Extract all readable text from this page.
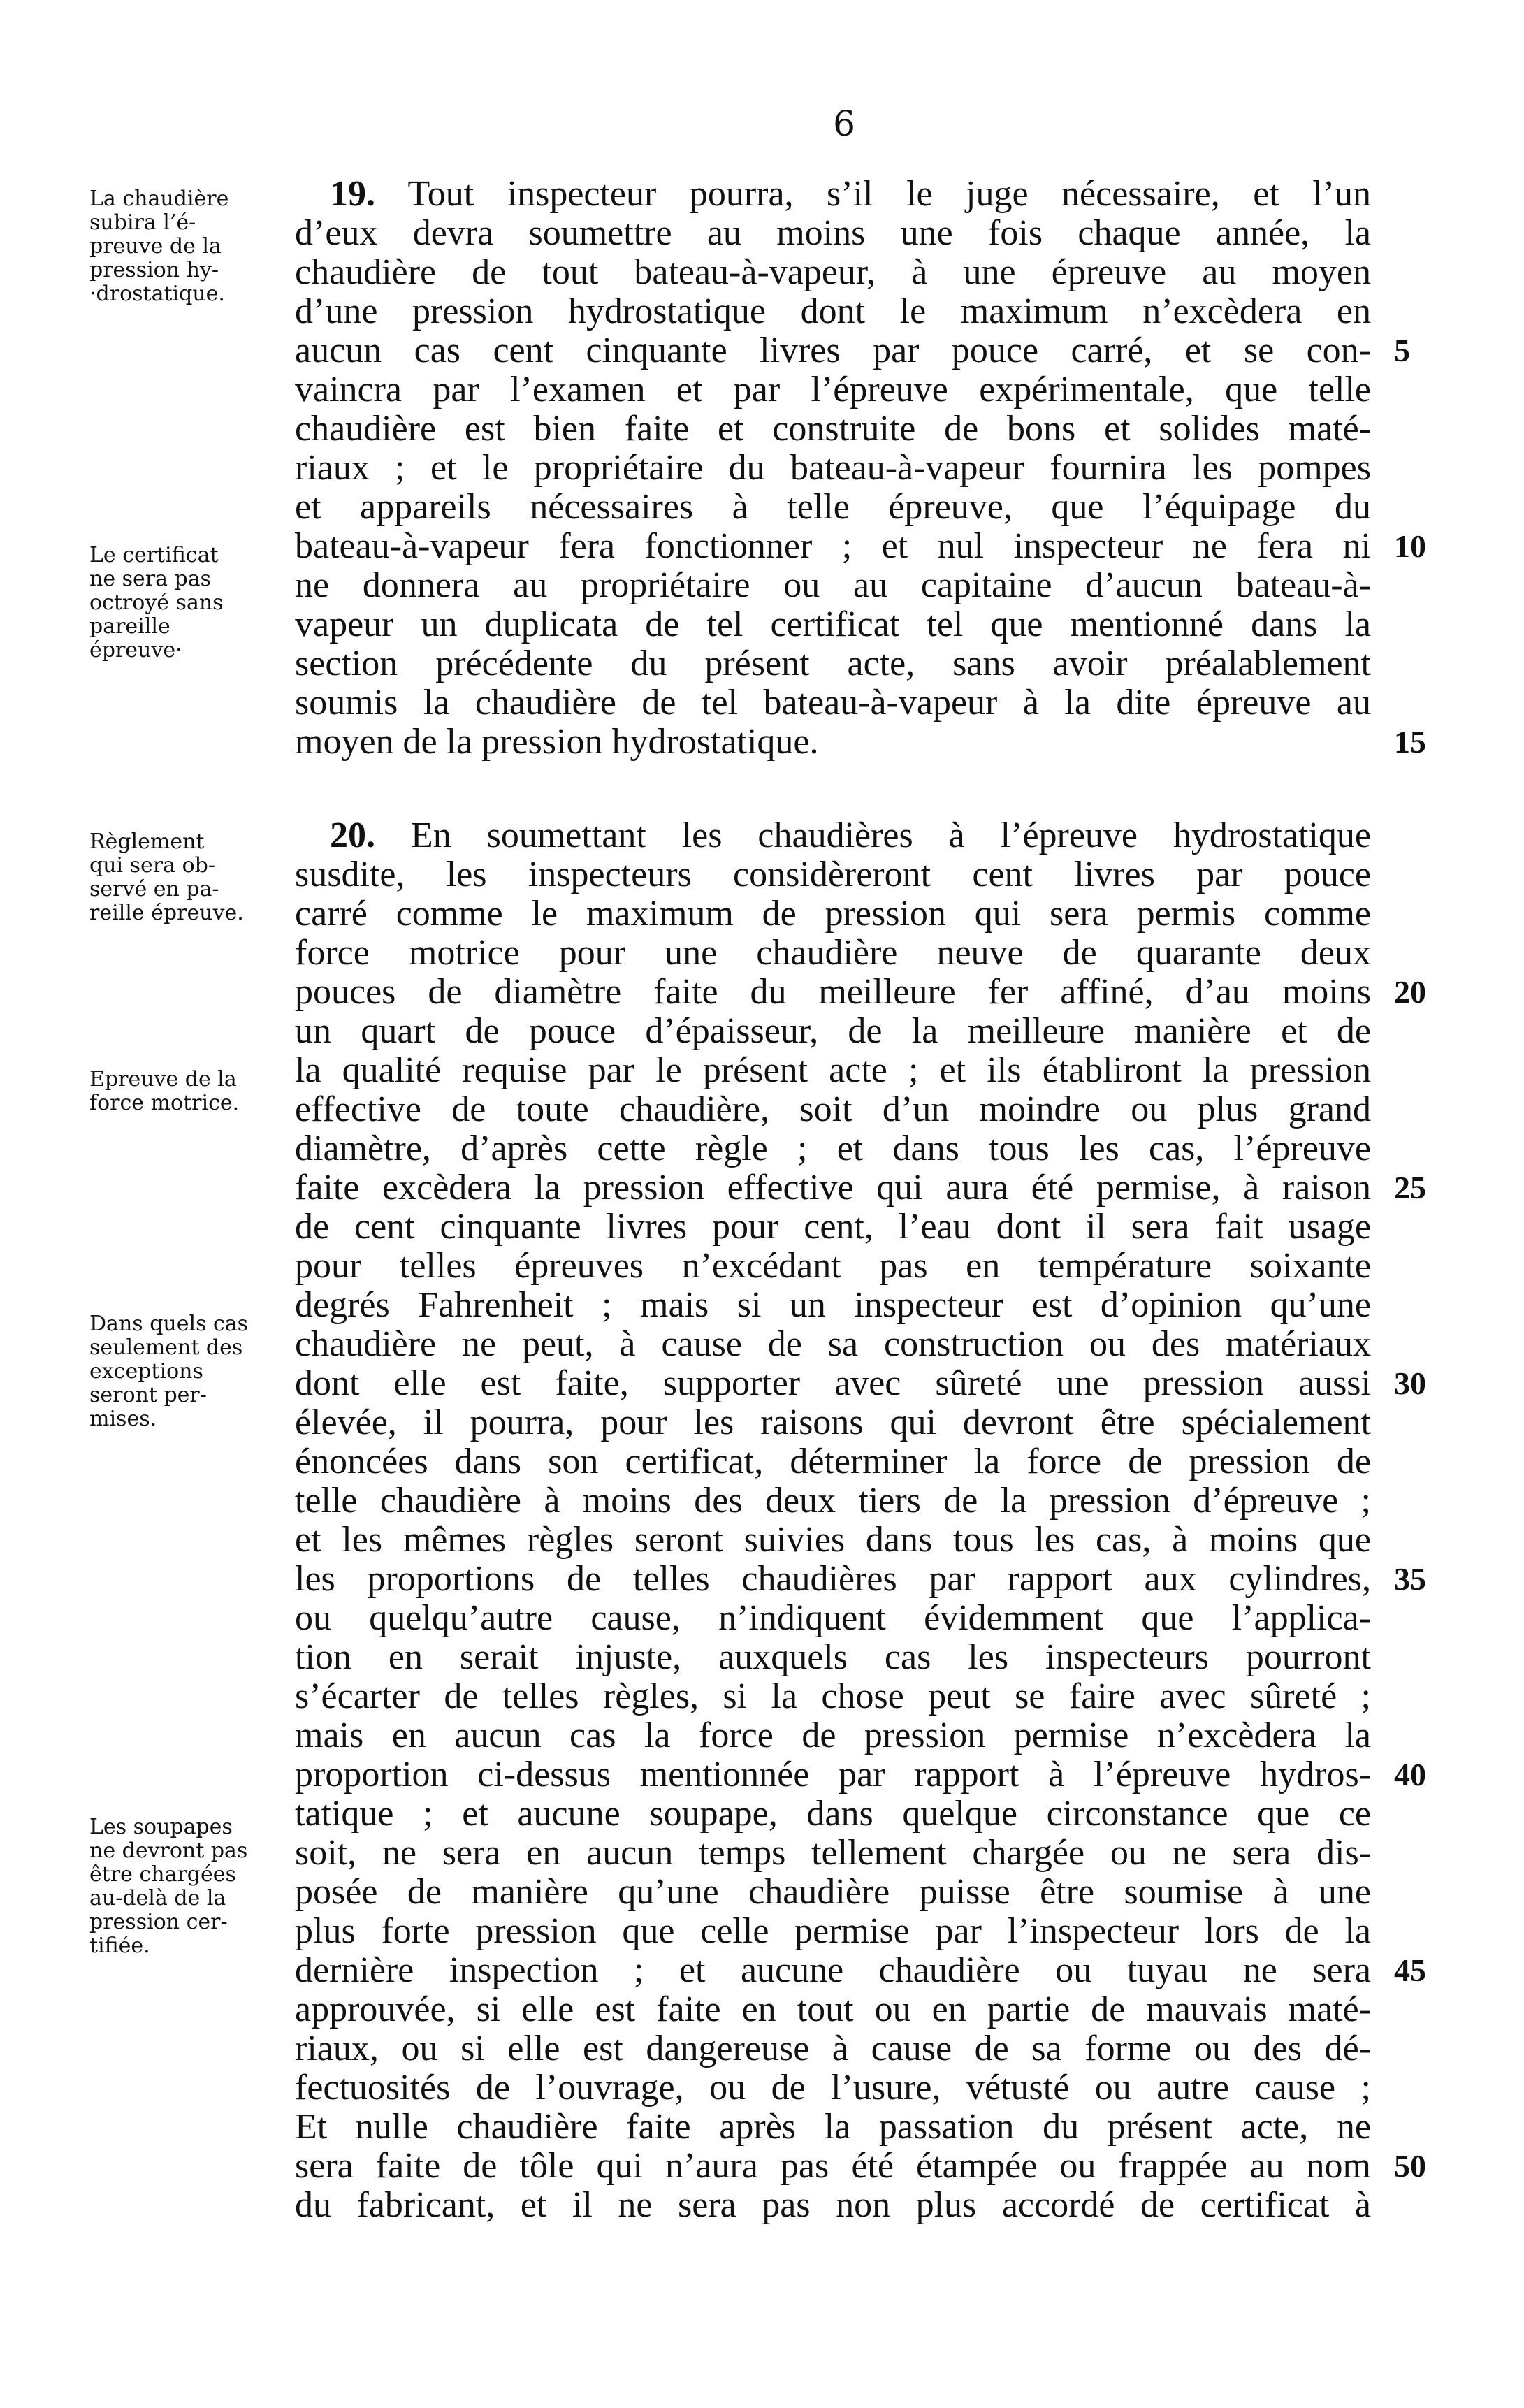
6
19. Tout inspecteur pourra, s’il le juge nécessaire, et l’un
d’eux devra soumettre au moins une fois chaque année, la
chaudière de tout bateau-à-vapeur, à une épreuve au moyen
d’une pression hydrostatique dont le maximum n’excèdera en
aucun cas cent cinquante livres par pouce carré, et se con-
vaincra par l’examen et par l’épreuve expérimentale, que telle
chaudière est bien faite et construite de bons et solides maté-
riaux ; et le propriétaire du bateau-à-vapeur fournira les pompes
et appareils nécessaires à telle épreuve, que l’équipage du
bateau-à-vapeur fera fonctionner ; et nul inspecteur ne fera ni
ne donnera au propriétaire ou au capitaine d’aucun bateau-à-
vapeur un duplicata de tel certificat tel que mentionné dans la
section précédente du présent acte, sans avoir préalablement
soumis la chaudière de tel bateau-à-vapeur à la dite épreuve au
moyen de la pression hydrostatique.
20. En soumettant les chaudières à l’épreuve hydrostatique
susdite, les inspecteurs considèreront cent livres par pouce
carré comme le maximum de pression qui sera permis comme
force motrice pour une chaudière neuve de quarante deux
pouces de diamètre faite du meilleure fer affiné, d’au moins
un quart de pouce d’épaisseur, de la meilleure manière et de
la qualité requise par le présent acte ; et ils établiront la pression
effective de toute chaudière, soit d’un moindre ou plus grand
diamètre, d’après cette règle ; et dans tous les cas, l’épreuve
faite excèdera la pression effective qui aura été permise, à raison
de cent cinquante livres pour cent, l’eau dont il sera fait usage
pour telles épreuves n’excédant pas en température soixante
degrés Fahrenheit ; mais si un inspecteur est d’opinion qu’une
chaudière ne peut, à cause de sa construction ou des matériaux
dont elle est faite, supporter avec sûreté une pression aussi
élevée, il pourra, pour les raisons qui devront être spécialement
énoncées dans son certificat, déterminer la force de pression de
telle chaudière à moins des deux tiers de la pression d’épreuve ;
et les mêmes règles seront suivies dans tous les cas, à moins que
les proportions de telles chaudières par rapport aux cylindres,
ou quelqu’autre cause, n’indiquent évidemment que l’applica-
tion en serait injuste, auxquels cas les inspecteurs pourront
s’écarter de telles règles, si la chose peut se faire avec sûreté ;
mais en aucun cas la force de pression permise n’excèdera la
proportion ci-dessus mentionnée par rapport à l’épreuve hydros-
tatique ; et aucune soupape, dans quelque circonstance que ce
soit, ne sera en aucun temps tellement chargée ou ne sera dis-
posée de manière qu’une chaudière puisse être soumise à une
plus forte pression que celle permise par l’inspecteur lors de la
dernière inspection ; et aucune chaudière ou tuyau ne sera
approuvée, si elle est faite en tout ou en partie de mauvais maté-
riaux, ou si elle est dangereuse à cause de sa forme ou des dé-
fectuosités de l’ouvrage, ou de l’usure, vétusté ou autre cause ;
Et nulle chaudière faite après la passation du présent acte, ne
sera faite de tôle qui n’aura pas été étampée ou frappée au nom
du fabricant, et il ne sera pas non plus accordé de certificat à
5
10
15
20
25
30
35
40
45
50
La chaudière
subira l’é-
preuve de la
pression hy-
·drostatique.
Le certificat
ne sera pas
octroyé sans
pareille
épreuve·
Règlement
qui sera ob-
servé en pa-
reille épreuve.
Epreuve de la
force motrice.
Dans quels cas
seulement des
exceptions
seront per-
mises.
Les soupapes
ne devront pas
être chargées
au-delà de la
pression cer-
tifiée.
